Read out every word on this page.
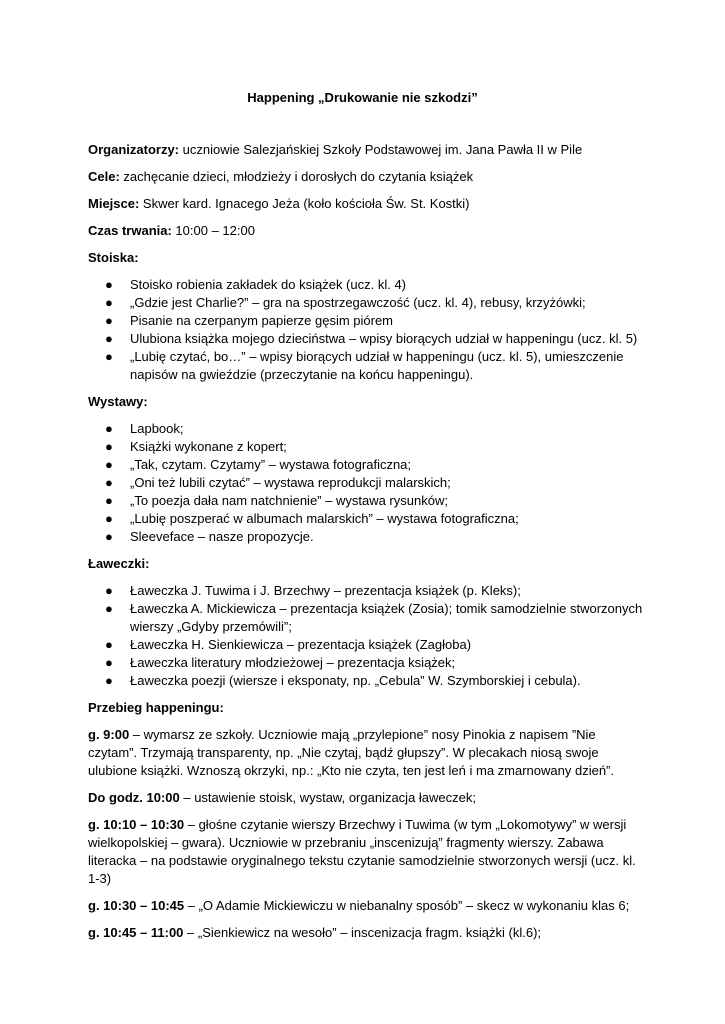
Happening „Drukowanie nie szkodzi”

Organizatorzy: uczniowie Salezjańskiej Szkoły Podstawowej im. Jana Pawła II w Pile

Cele: zachęcanie dzieci, młodzieży i dorosłych do czytania książek

Miejsce: Skwer kard. Ignacego Jeża (koło kościoła Św. St. Kostki)

Czas trwania: 10:00 – 12:00

Stoiska:

● Stoisko robienia zakładek do książek (ucz. kl. 4)
● „Gdzie jest Charlie?” – gra na spostrzegawczość (ucz. kl. 4), rebusy, krzyżówki;
● Pisanie na czerpanym papierze gęsim piórem
● Ulubiona książka mojego dzieciństwa – wpisy biorących udział w happeningu (ucz. kl. 5)
● „Lubię czytać, bo…” – wpisy biorących udział w happeningu (ucz. kl. 5), umieszczenie napisów na gwieździe (przeczytanie na końcu happeningu).

Wystawy:

● Lapbook;
● Książki wykonane z kopert;
● „Tak, czytam. Czytamy” – wystawa fotograficzna;
● „Oni też lubili czytać” – wystawa reprodukcji malarskich;
● „To poezja dała nam natchnienie” – wystawa rysunków;
● „Lubię poszperać w albumach malarskich” – wystawa fotograficzna;
● Sleeveface – nasze propozycje.

Ławeczki:

● Ławeczka J. Tuwima i J. Brzechwy – prezentacja książek (p. Kleks);
● Ławeczka A. Mickiewicza – prezentacja książek (Zosia); tomik samodzielnie stworzonych wierszy „Gdyby przemówili”;
● Ławeczka H. Sienkiewicza – prezentacja książek (Zagłoba)
● Ławeczka literatury młodzieżowej – prezentacja książek;
● Ławeczka poezji (wiersze i eksponaty, np. „Cebula” W. Szymborskiej i cebula).

Przebieg happeningu:

g. 9:00 – wymarsz ze szkoły. Uczniowie mają „przylepione” nosy Pinokia z napisem ”Nie czytam”. Trzymają transparenty, np. „Nie czytaj, bądź głupszy”. W plecakach niosą swoje ulubione książki. Wznoszą okrzyki, np.: „Kto nie czyta, ten jest leń i ma zmarnowany dzień”.

Do godz. 10:00 – ustawienie stoisk, wystaw, organizacja ławeczek;

g. 10:10 – 10:30 – głośne czytanie wierszy Brzechwy i Tuwima (w tym „Lokomotywy” w wersji wielkopolskiej – gwara). Uczniowie w przebraniu „inscenizują” fragmenty wierszy. Zabawa literacka – na podstawie oryginalnego tekstu czytanie samodzielnie stworzonych wersji (ucz. kl. 1-3)

g. 10:30 – 10:45 – „O Adamie Mickiewiczu w niebanalny sposób” – skecz w wykonaniu klas 6;

g. 10:45 – 11:00 – „Sienkiewicz na wesoło” – inscenizacja fragm. książki (kl.6);
